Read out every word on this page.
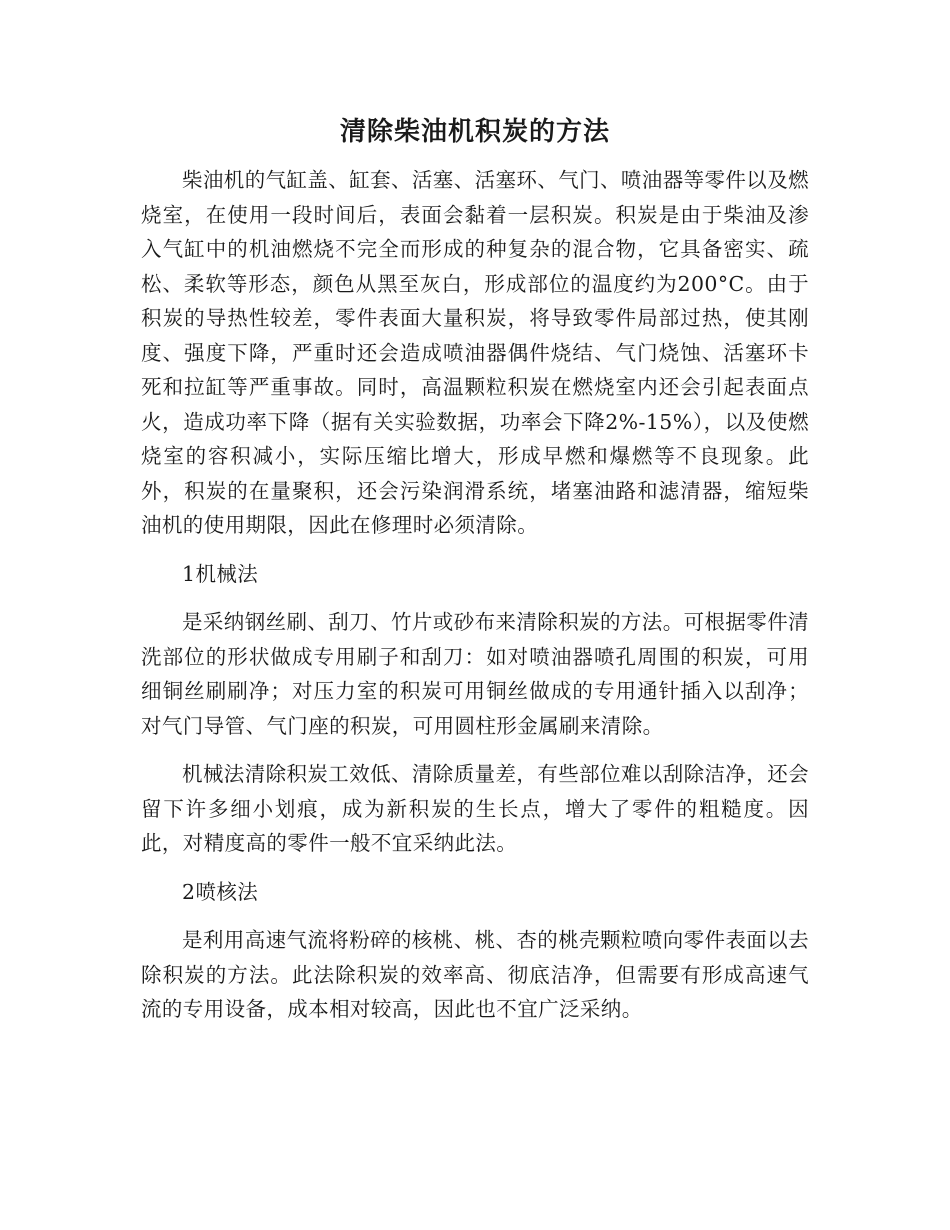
清除柴油机积炭的方法

柴油机的气缸盖、缸套、活塞、活塞环、气门、喷油器等零件以及燃烧室，在使用一段时间后，表面会黏着一层积炭。积炭是由于柴油及渗入气缸中的机油燃烧不完全而形成的种复杂的混合物，它具备密实、疏松、柔软等形态，颜色从黑至灰白，形成部位的温度约为200°C。由于积炭的导热性较差，零件表面大量积炭，将导致零件局部过热，使其刚度、强度下降，严重时还会造成喷油器偶件烧结、气门烧蚀、活塞环卡死和拉缸等严重事故。同时，高温颗粒积炭在燃烧室内还会引起表面点火，造成功率下降（据有关实验数据，功率会下降2%-15%），以及使燃烧室的容积减小，实际压缩比增大，形成早燃和爆燃等不良现象。此外，积炭的在量聚积，还会污染润滑系统，堵塞油路和滤清器，缩短柴油机的使用期限，因此在修理时必须清除。

1机械法

是采纳钢丝刷、刮刀、竹片或砂布来清除积炭的方法。可根据零件清洗部位的形状做成专用刷子和刮刀：如对喷油器喷孔周围的积炭，可用细铜丝刷刷净；对压力室的积炭可用铜丝做成的专用通针插入以刮净；对气门导管、气门座的积炭，可用圆柱形金属刷来清除。

机械法清除积炭工效低、清除质量差，有些部位难以刮除洁净，还会留下许多细小划痕，成为新积炭的生长点，增大了零件的粗糙度。因此，对精度高的零件一般不宜采纳此法。

2喷核法

是利用高速气流将粉碎的核桃、桃、杏的桃壳颗粒喷向零件表面以去除积炭的方法。此法除积炭的效率高、彻底洁净，但需要有形成高速气流的专用设备，成本相对较高，因此也不宜广泛采纳。
